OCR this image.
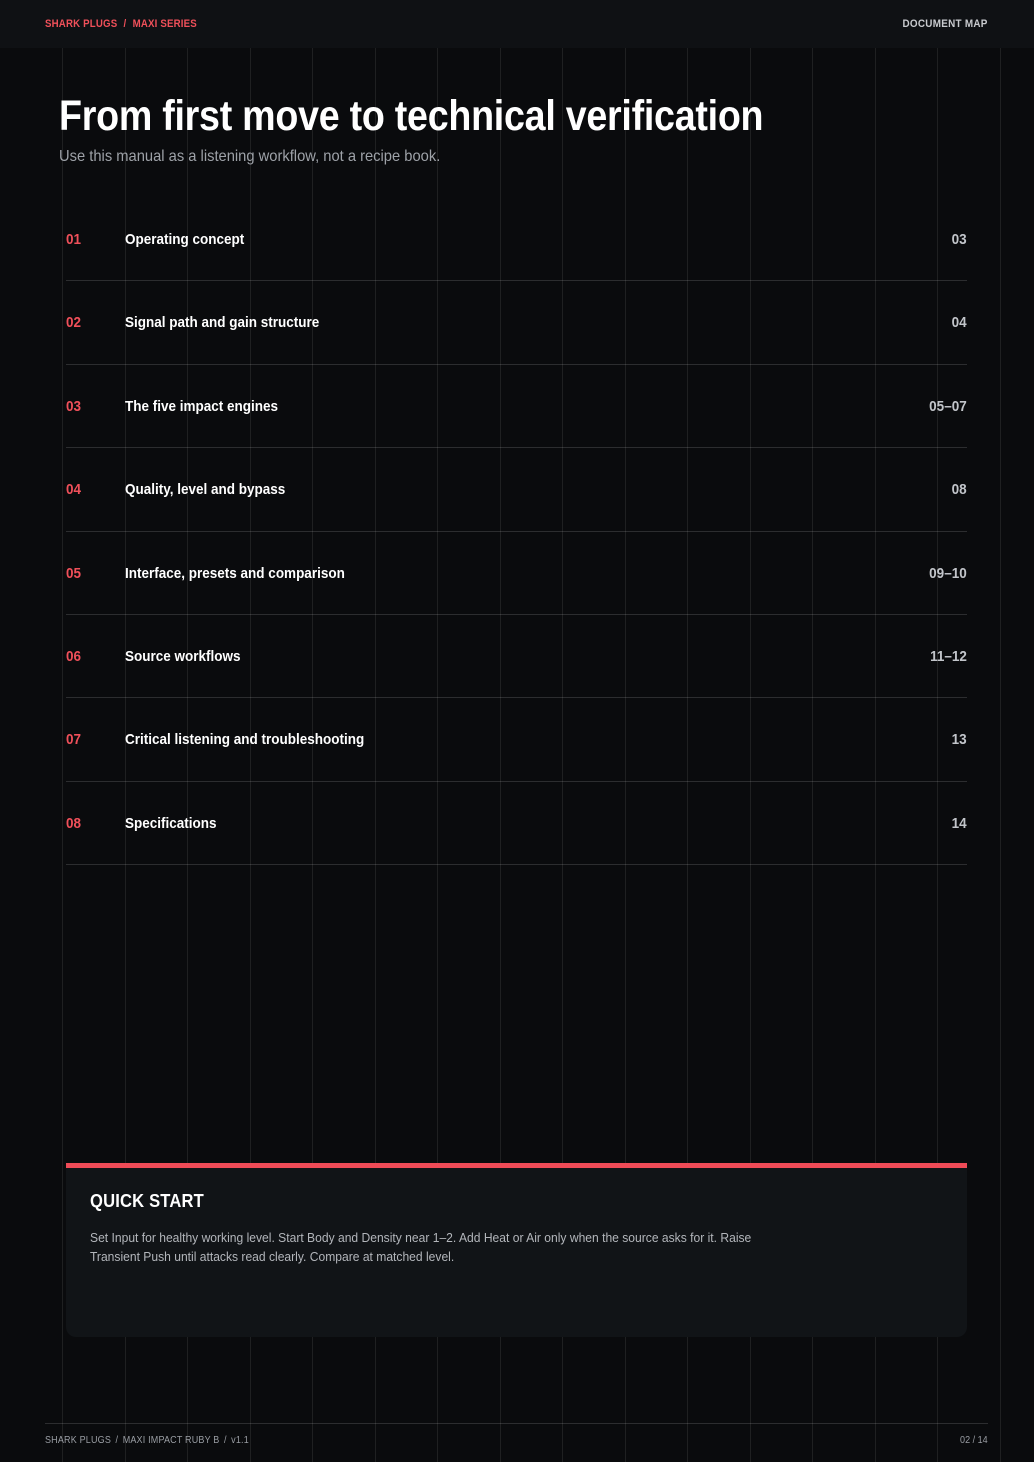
SHARK PLUGS / MAXI SERIES	DOCUMENT MAP
From first move to technical verification

Use this manual as a listening workflow, not a recipe book.

01	Operating concept	03
02	Signal path and gain structure	04
03	The five impact engines	05–07
04	Quality, level and bypass	08
05	Interface, presets and comparison	09–10
06	Source workflows	11–12
07	Critical listening and troubleshooting	13
08	Specifications	14
QUICK START

Set Input for healthy working level. Start Body and Density near 1–2. Add Heat or Air only when the source asks for it. Raise Transient Push until attacks read clearly. Compare at matched level.

SHARK PLUGS / MAXI IMPACT RUBY B / v1.1	02 / 14
